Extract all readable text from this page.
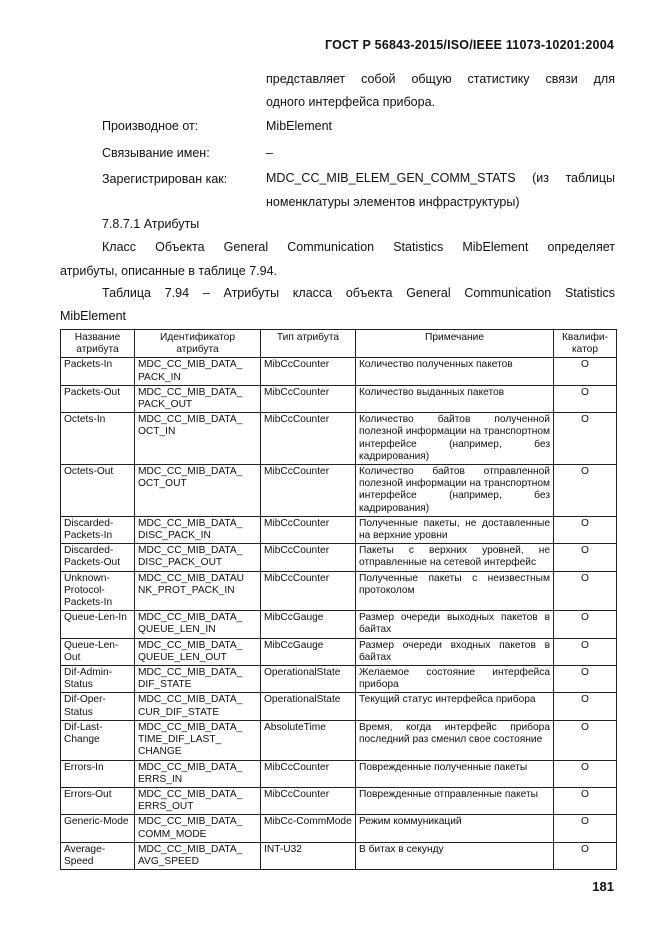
ГОСТ Р 56843-2015/ISO/IEEE 11073-10201:2004
представляет собой общую статистику связи для
одного интерфейса прибора.
Производное от:	MibElement
Связывание имен:	–
Зарегистрирован как:	MDC_CC_MIB_ELEM_GEN_COMM_STATS (из таблицы
номенклатуры элементов инфраструктуры)
7.8.7.1 Атрибуты
Класс Объекта General Communication Statistics MibElement определяет
атрибуты, описанные в таблице 7.94.
Таблица 7.94 – Атрибуты класса объекта General Communication Statistics
MibElement
Название атрибута	Идентификатор атрибута	Тип атрибута	Примечание	Квалифи-катор
Packets-In	MDC_CC_MIB_DATA_
PACK_IN	MibCcCounter	Количество полученных пакетов	O
Packets-Out	MDC_CC_MIB_DATA_
PACK_OUT	MibCcCounter	Количество выданных пакетов	O
Octets-In	MDC_CC_MIB_DATA_
OCT_IN	MibCcCounter	Количество байтов полученной полезной информации на транспортном интерфейсе (например, без кадрирования)	O
Octets-Out	MDC_CC_MIB_DATA_
OCT_OUT	MibCcCounter	Количество байтов отправленной полезной информации на транспортном интерфейсе (например, без кадрирования)	O
Discarded-Packets-In	MDC_CC_MIB_DATA_
DISC_PACK_IN	MibCcCounter	Полученные пакеты, не доставленные на верхние уровни	O
Discarded-Packets-Out	MDC_CC_MIB_DATA_
DISC_PACK_OUT	MibCcCounter	Пакеты с верхних уровней, не отправленные на сетевой интерфейс	O
Unknown-Protocol-Packets-In	MDC_CC_MIB_DATAU
NK_PROT_PACK_IN	MibCcCounter	Полученные пакеты с неизвестным протоколом	O
Queue-Len-In	MDC_CC_MIB_DATA_
QUEUE_LEN_IN	MibCcGauge	Размер очереди выходных пакетов в байтах	O
Queue-Len-Out	MDC_CC_MIB_DATA_
QUEUE_LEN_OUT	MibCcGauge	Размер очереди входных пакетов в байтах	O
Dif-Admin-Status	MDC_CC_MIB_DATA_
DIF_STATE	OperationalState	Желаемое состояние интерфейса прибора	O
Dif-Oper-Status	MDC_CC_MIB_DATA_
CUR_DIF_STATE	OperationalState	Текущий статус интерфейса прибора	O
Dif-Last-Change	MDC_CC_MIB_DATA_
TIME_DIF_LAST_
CHANGE	AbsoluteTime	Время, когда интерфейс прибора последний раз сменил свое состояние	O
Errors-In	MDC_CC_MIB_DATA_
ERRS_IN	MibCcCounter	Поврежденные полученные пакеты	O
Errors-Out	MDC_CC_MIB_DATA_
ERRS_OUT	MibCcCounter	Поврежденные отправленные пакеты	O
Generic-Mode	MDC_CC_MIB_DATA_
COMM_MODE	MibCc-CommMode	Режим коммуникаций	O
Average-Speed	MDC_CC_MIB_DATA_
AVG_SPEED	INT-U32	В битах в секунду	O
181
